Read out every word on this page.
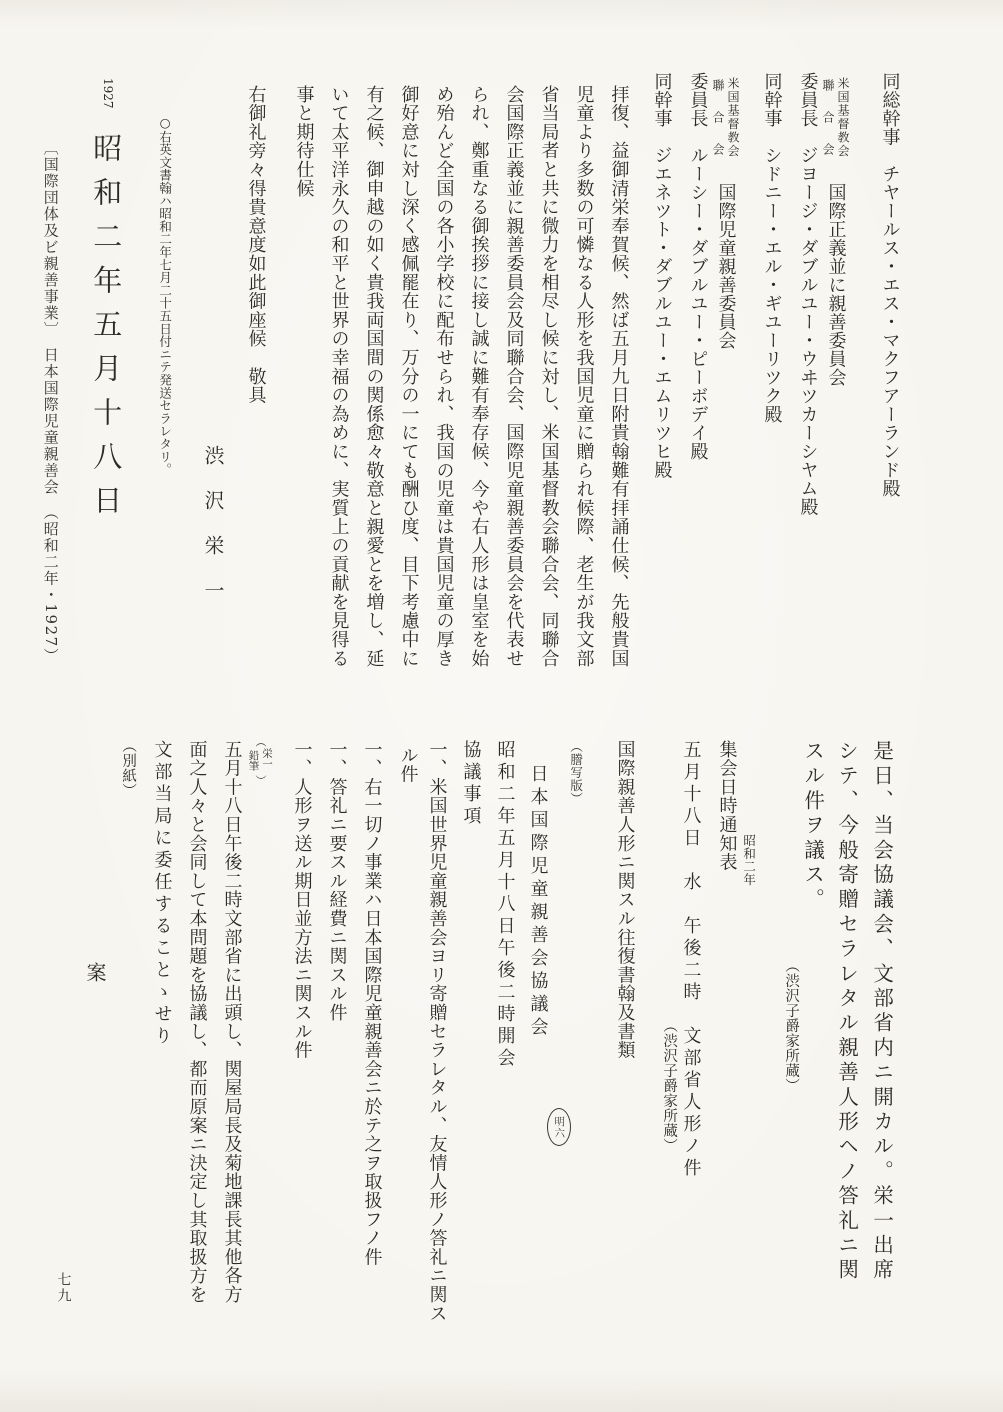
同総幹事　チヤールス・エス・マクフアーランド殿
聯合会 米国基督教会
国際正義並に親善委員会
委員長　ジヨージ・ダブルユー・ウヰツカーシヤム殿
同幹事　シドニー・エル・ギユーリツク殿
聯合会 米国基督教会
国際児童親善委員会
委員長　ルーシー・ダブルユー・ピーボデイ殿
同幹事　ジエネツト・ダブルユー・エムリツヒ殿
拝復、益御清栄奉賀候、然ば五月九日附貴翰難有拝誦仕候、先般貴国
児童より多数の可憐なる人形を我国児童に贈られ候際、老生が我文部
省当局者と共に微力を相尽し候に対し、米国基督教会聯合会、同聯合
会国際正義並に親善委員会及同聯合会、国際児童親善委員会を代表せ
られ、鄭重なる御挨拶に接し誠に難有奉存候、今や右人形は皇室を始
め殆んど全国の各小学校に配布せられ、我国の児童は貴国児童の厚き
御好意に対し深く感佩罷在り、万分の一にても酬ひ度、目下考慮中に
有之候、御申越の如く貴我両国間の関係愈々敬意と親愛とを増し、延
いて太平洋永久の和平と世界の幸福の為めに、実質上の貢献を見得る
事と期待仕候
右御礼旁々得貴意度如此御座候　敬具
渋沢栄一
○右英文書翰ハ昭和二年七月二十五日付ニテ発送セラレタリ。
1927
昭和二年五月十八日
〔国際団体及ビ親善事業〕　日本国際児童親善会　（昭和二年・1927）
是日、当会協議会、文部省内ニ開カル。栄一出席
シテ、今般寄贈セラレタル親善人形ヘノ答礼ニ関
スル件ヲ議ス。
（渋沢子爵家所蔵）
集会日時通知表 昭和二年
五月十八日　水　午後二時　文部省人形ノ件
（渋沢子爵家所蔵）
国際親善人形ニ関スル往復書翰及書類
（謄写版）
日本国際児童親善会協議会
明六
昭和二年五月十八日午後二時開会
協議事項
一、米国世界児童親善会ヨリ寄贈セラレタル、友情人形ノ答礼ニ関ス
ル件
一、右一切ノ事業ハ日本国際児童親善会ニ於テ之ヲ取扱フノ件
一、答礼ニ要スル経費ニ関スル件
一、人形ヲ送ル期日並方法ニ関スル件
（
栄一
鉛筆
）
五月十八日午後二時文部省に出頭し、関屋局長及菊地課長其他各方
面之人々と会同して本問題を協議し、都而原案ニ決定し其取扱方を
文部当局に委任することゝせり
（別紙）
案
七九
